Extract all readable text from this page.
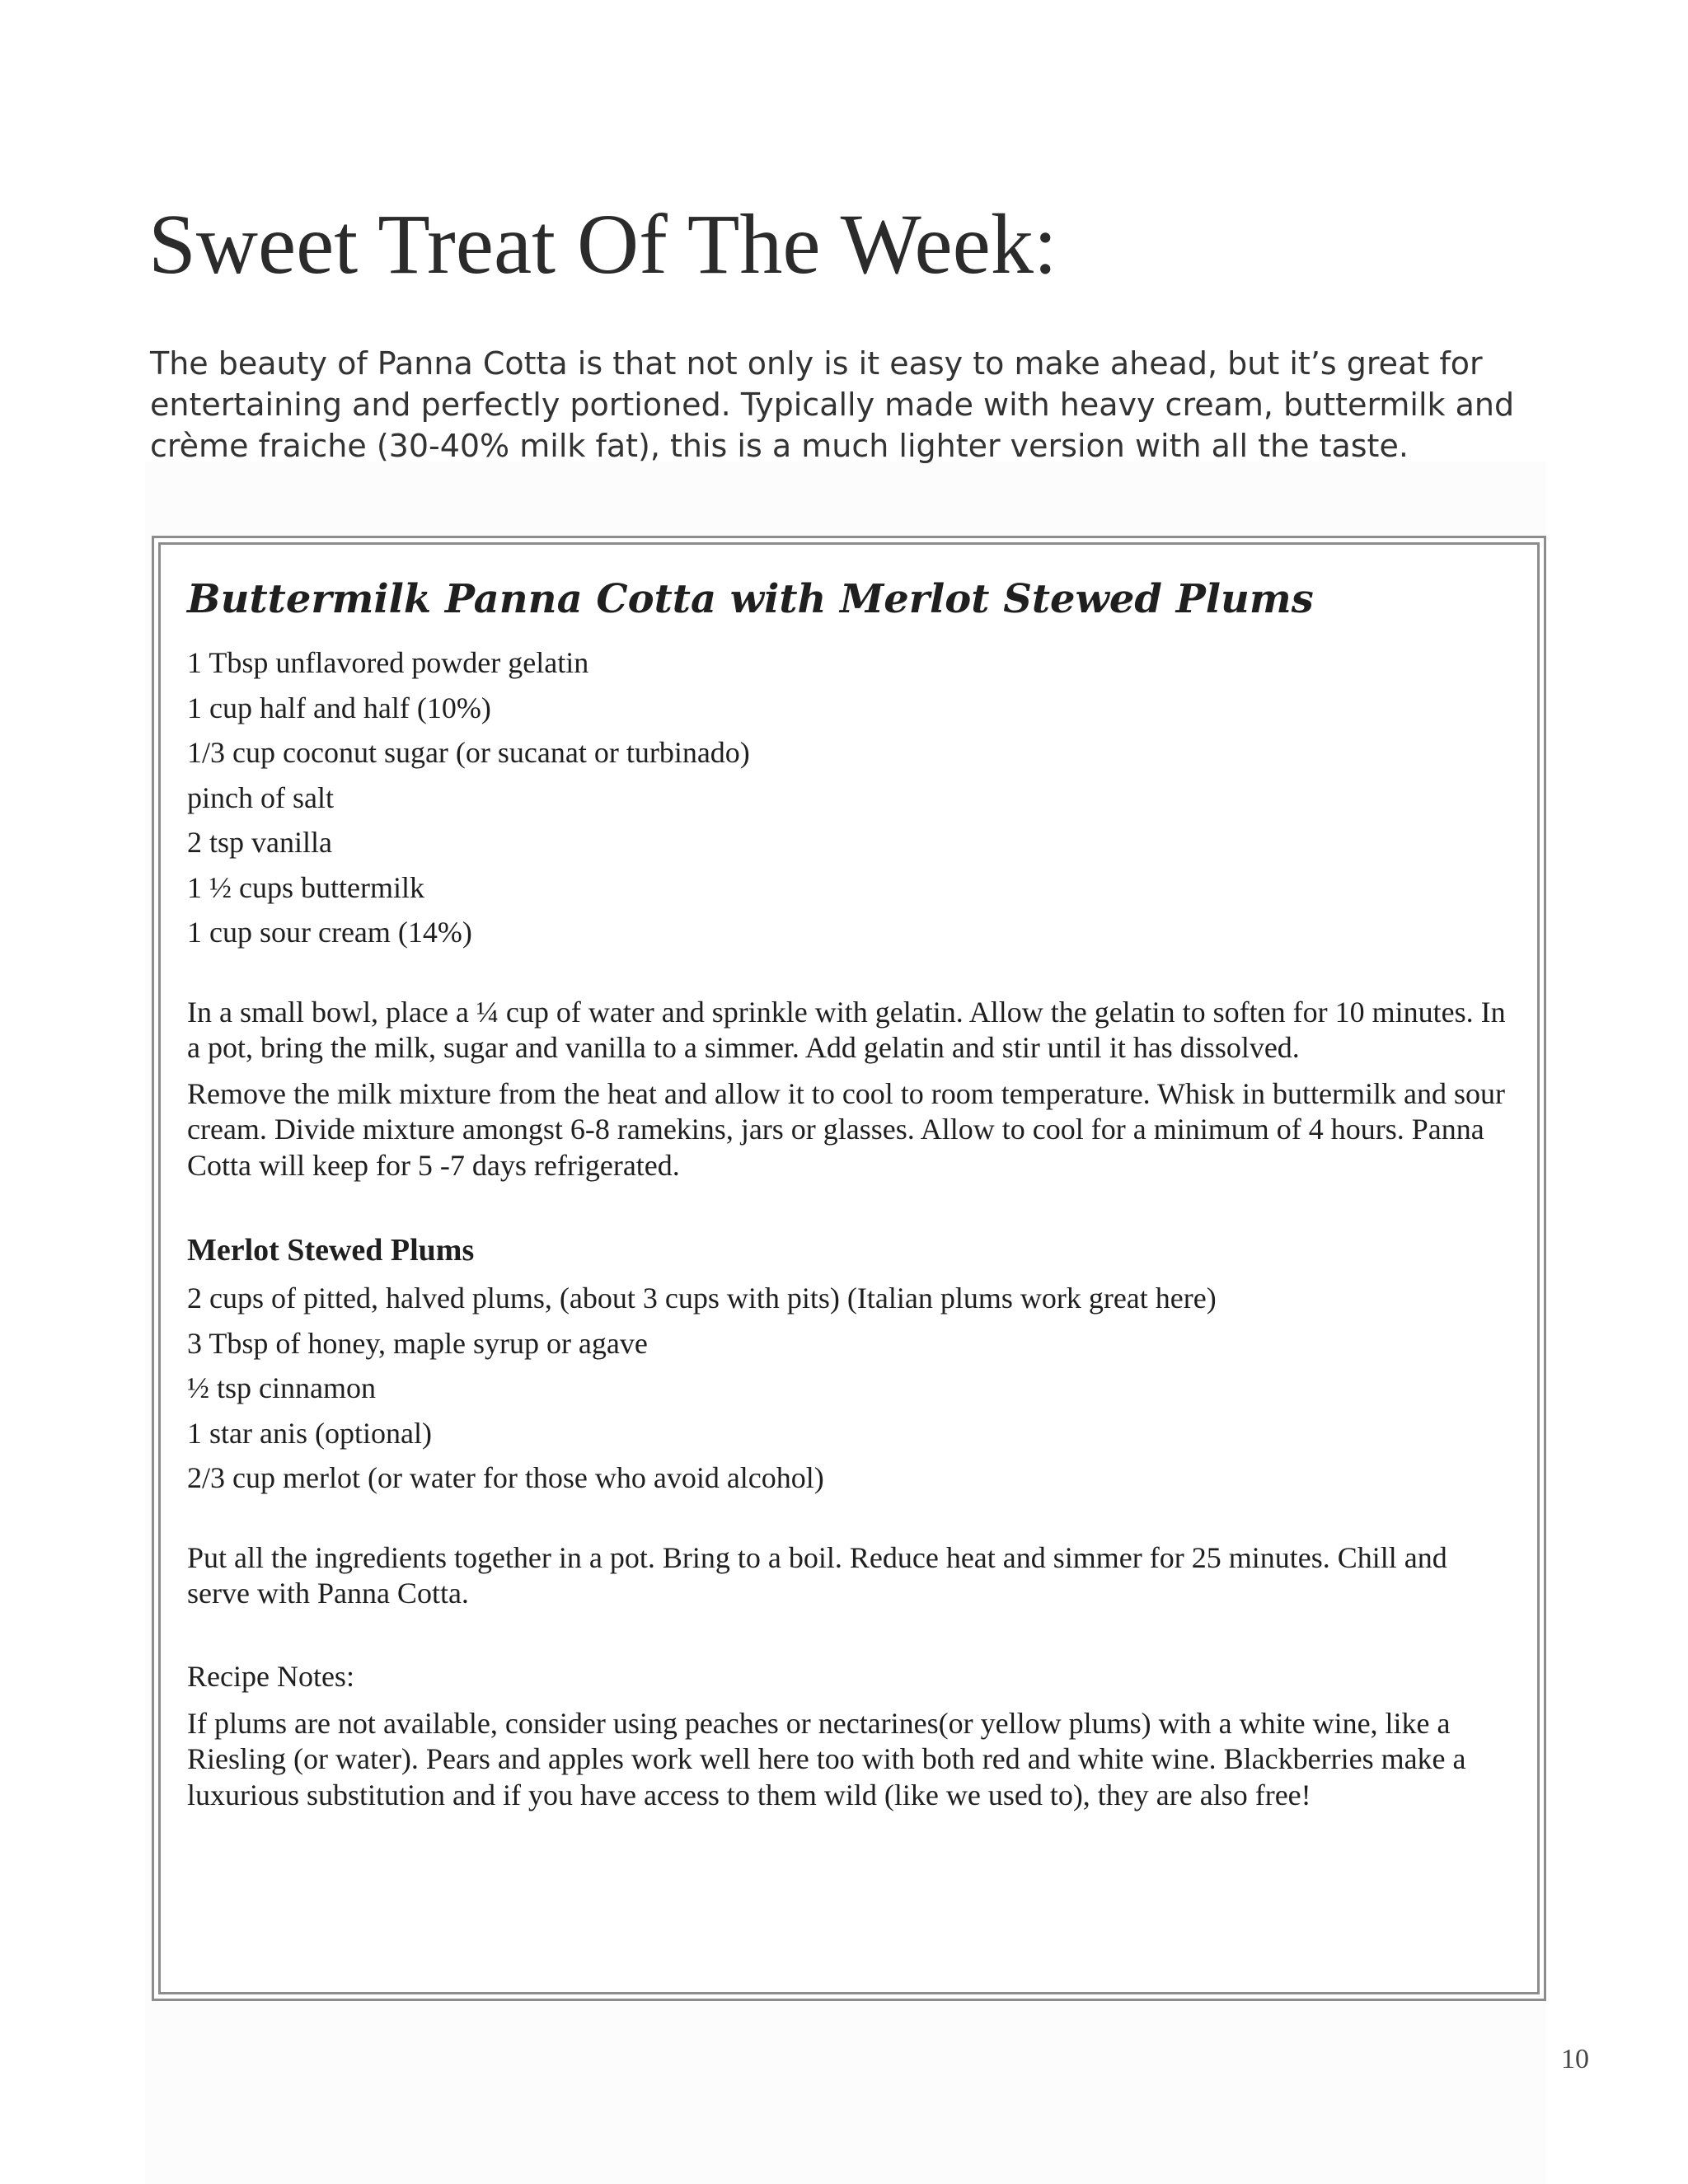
Sweet Treat Of The Week:

The beauty of Panna Cotta is that not only is it easy to make ahead, but it’s great for entertaining and perfectly portioned. Typically made with heavy cream, buttermilk and crème fraiche (30-40% milk fat), this is a much lighter version with all the taste.

Buttermilk Panna Cotta with Merlot Stewed Plums
1 Tbsp unflavored powder gelatin
1 cup half and half (10%)
1/3 cup coconut sugar (or sucanat or turbinado)
pinch of salt
2 tsp vanilla
1 ½ cups buttermilk
1 cup sour cream (14%)

In a small bowl, place a ¼ cup of water and sprinkle with gelatin. Allow the gelatin to soften for 10 minutes. In a pot, bring the milk, sugar and vanilla to a simmer. Add gelatin and stir until it has dissolved.

Remove the milk mixture from the heat and allow it to cool to room temperature. Whisk in buttermilk and sour cream. Divide mixture amongst 6-8 ramekins, jars or glasses. Allow to cool for a minimum of 4 hours. Panna Cotta will keep for 5 -7 days refrigerated.

Merlot Stewed Plums
2 cups of pitted, halved plums, (about 3 cups with pits) (Italian plums work great here)
3 Tbsp of honey, maple syrup or agave
½ tsp cinnamon
1 star anis (optional)
2/3 cup merlot (or water for those who avoid alcohol)

Put all the ingredients together in a pot. Bring to a boil. Reduce heat and simmer for 25 minutes. Chill and serve with Panna Cotta.

Recipe Notes:

If plums are not available, consider using peaches or nectarines(or yellow plums) with a white wine, like a Riesling (or water). Pears and apples work well here too with both red and white wine. Blackberries make a luxurious substitution and if you have access to them wild (like we used to), they are also free!

10
